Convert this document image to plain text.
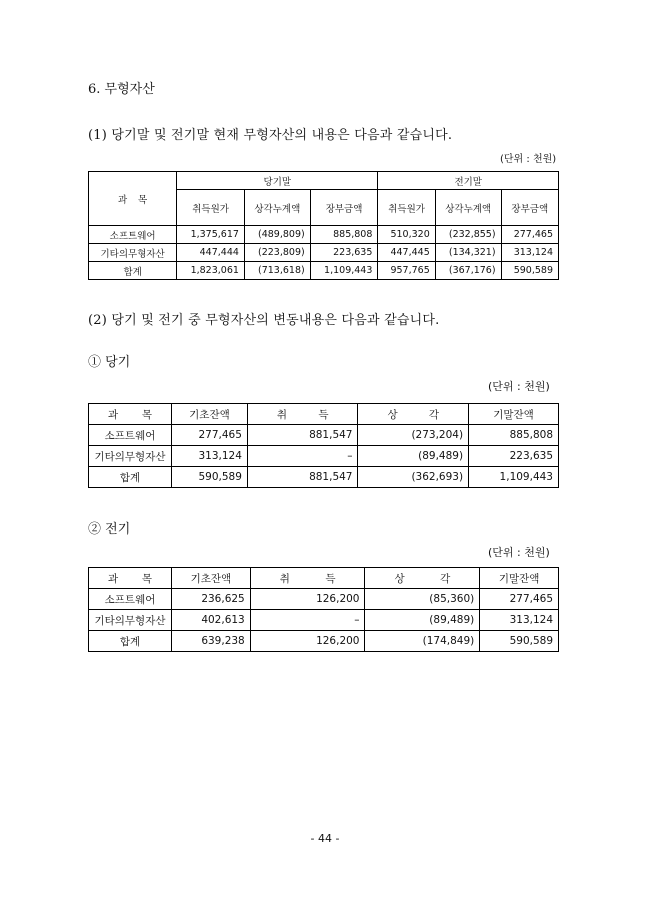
6. 무형자산
(1) 당기말 및 전기말 현재 무형자산의 내용은 다음과 같습니다.
(단위 : 천원)
과 목	당기말			전기말		
	취득원가	상각누계액	장부금액	취득원가	상각누계액	장부금액
소프트웨어	1,375,617	(489,809)	885,808	510,320	(232,855)	277,465
기타의무형자산	447,444	(223,809)	223,635	447,445	(134,321)	313,124
합계	1,823,061	(713,618)	1,109,443	957,765	(367,176)	590,589
(2) 당기 및 전기 중 무형자산의 변동내용은 다음과 같습니다.
① 당기
(단위 : 천원)
과 목	기초잔액	취 득	상 각	기말잔액
소프트웨어	277,465	881,547	(273,204)	885,808
기타의무형자산	313,124	–	(89,489)	223,635
합계	590,589	881,547	(362,693)	1,109,443
② 전기
(단위 : 천원)
과 목	기초잔액	취 득	상 각	기말잔액
소프트웨어	236,625	126,200	(85,360)	277,465
기타의무형자산	402,613	–	(89,489)	313,124
합계	639,238	126,200	(174,849)	590,589
- 44 -
